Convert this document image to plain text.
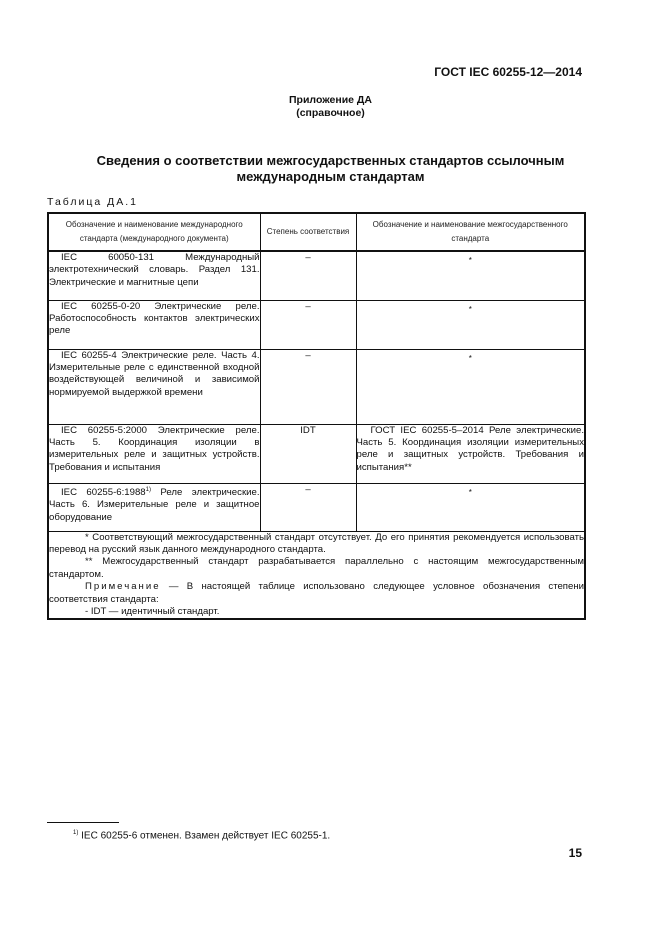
ГОСТ IEC 60255-12—2014
Приложение ДА
(справочное)
Сведения о соответствии межгосударственных стандартов ссылочным международным стандартам
Таблица ДА.1
Обозначение и наименование международного стандарта (международного документа)	Степень соответствия	Обозначение и наименование межгосударственного стандарта
IEC 60050-131 Международный электротехнический словарь. Раздел 131. Электрические и магнитные цепи	–	*
IEC 60255-0-20 Электрические реле. Работоспособность контактов электрических реле	–	*
IEC 60255-4 Электрические реле. Часть 4. Измерительные реле с единственной входной воздействующей величиной и зависимой нормируемой выдержкой времени	–	*
IEC 60255-5:2000 Электрические реле. Часть 5. Координация изоляции в измерительных реле и защитных устройств. Требования и испытания	IDT	ГОСТ IEC 60255-5–2014 Реле электрические. Часть 5. Координация изоляции измерительных реле и защитных устройств. Требования и испытания**
IEC 60255-6:1988$^{1)}$ Реле электрические. Часть 6. Измерительные реле и защитное оборудование	–	*

* Соответствующий межгосударственный стандарт отсутствует. До его принятия рекомендуется использовать перевод на русский язык данного международного стандарта.

** Межгосударственный стандарт разрабатывается параллельно с настоящим межгосударственным стандартом.

Примечание — В настоящей таблице использовано следующее условное обозначения степени соответствия стандарта:

- IDT — идентичный стандарт.		

$^{1)}$ IEC 60255-6 отменен. Взамен действует IEC 60255-1.
15
